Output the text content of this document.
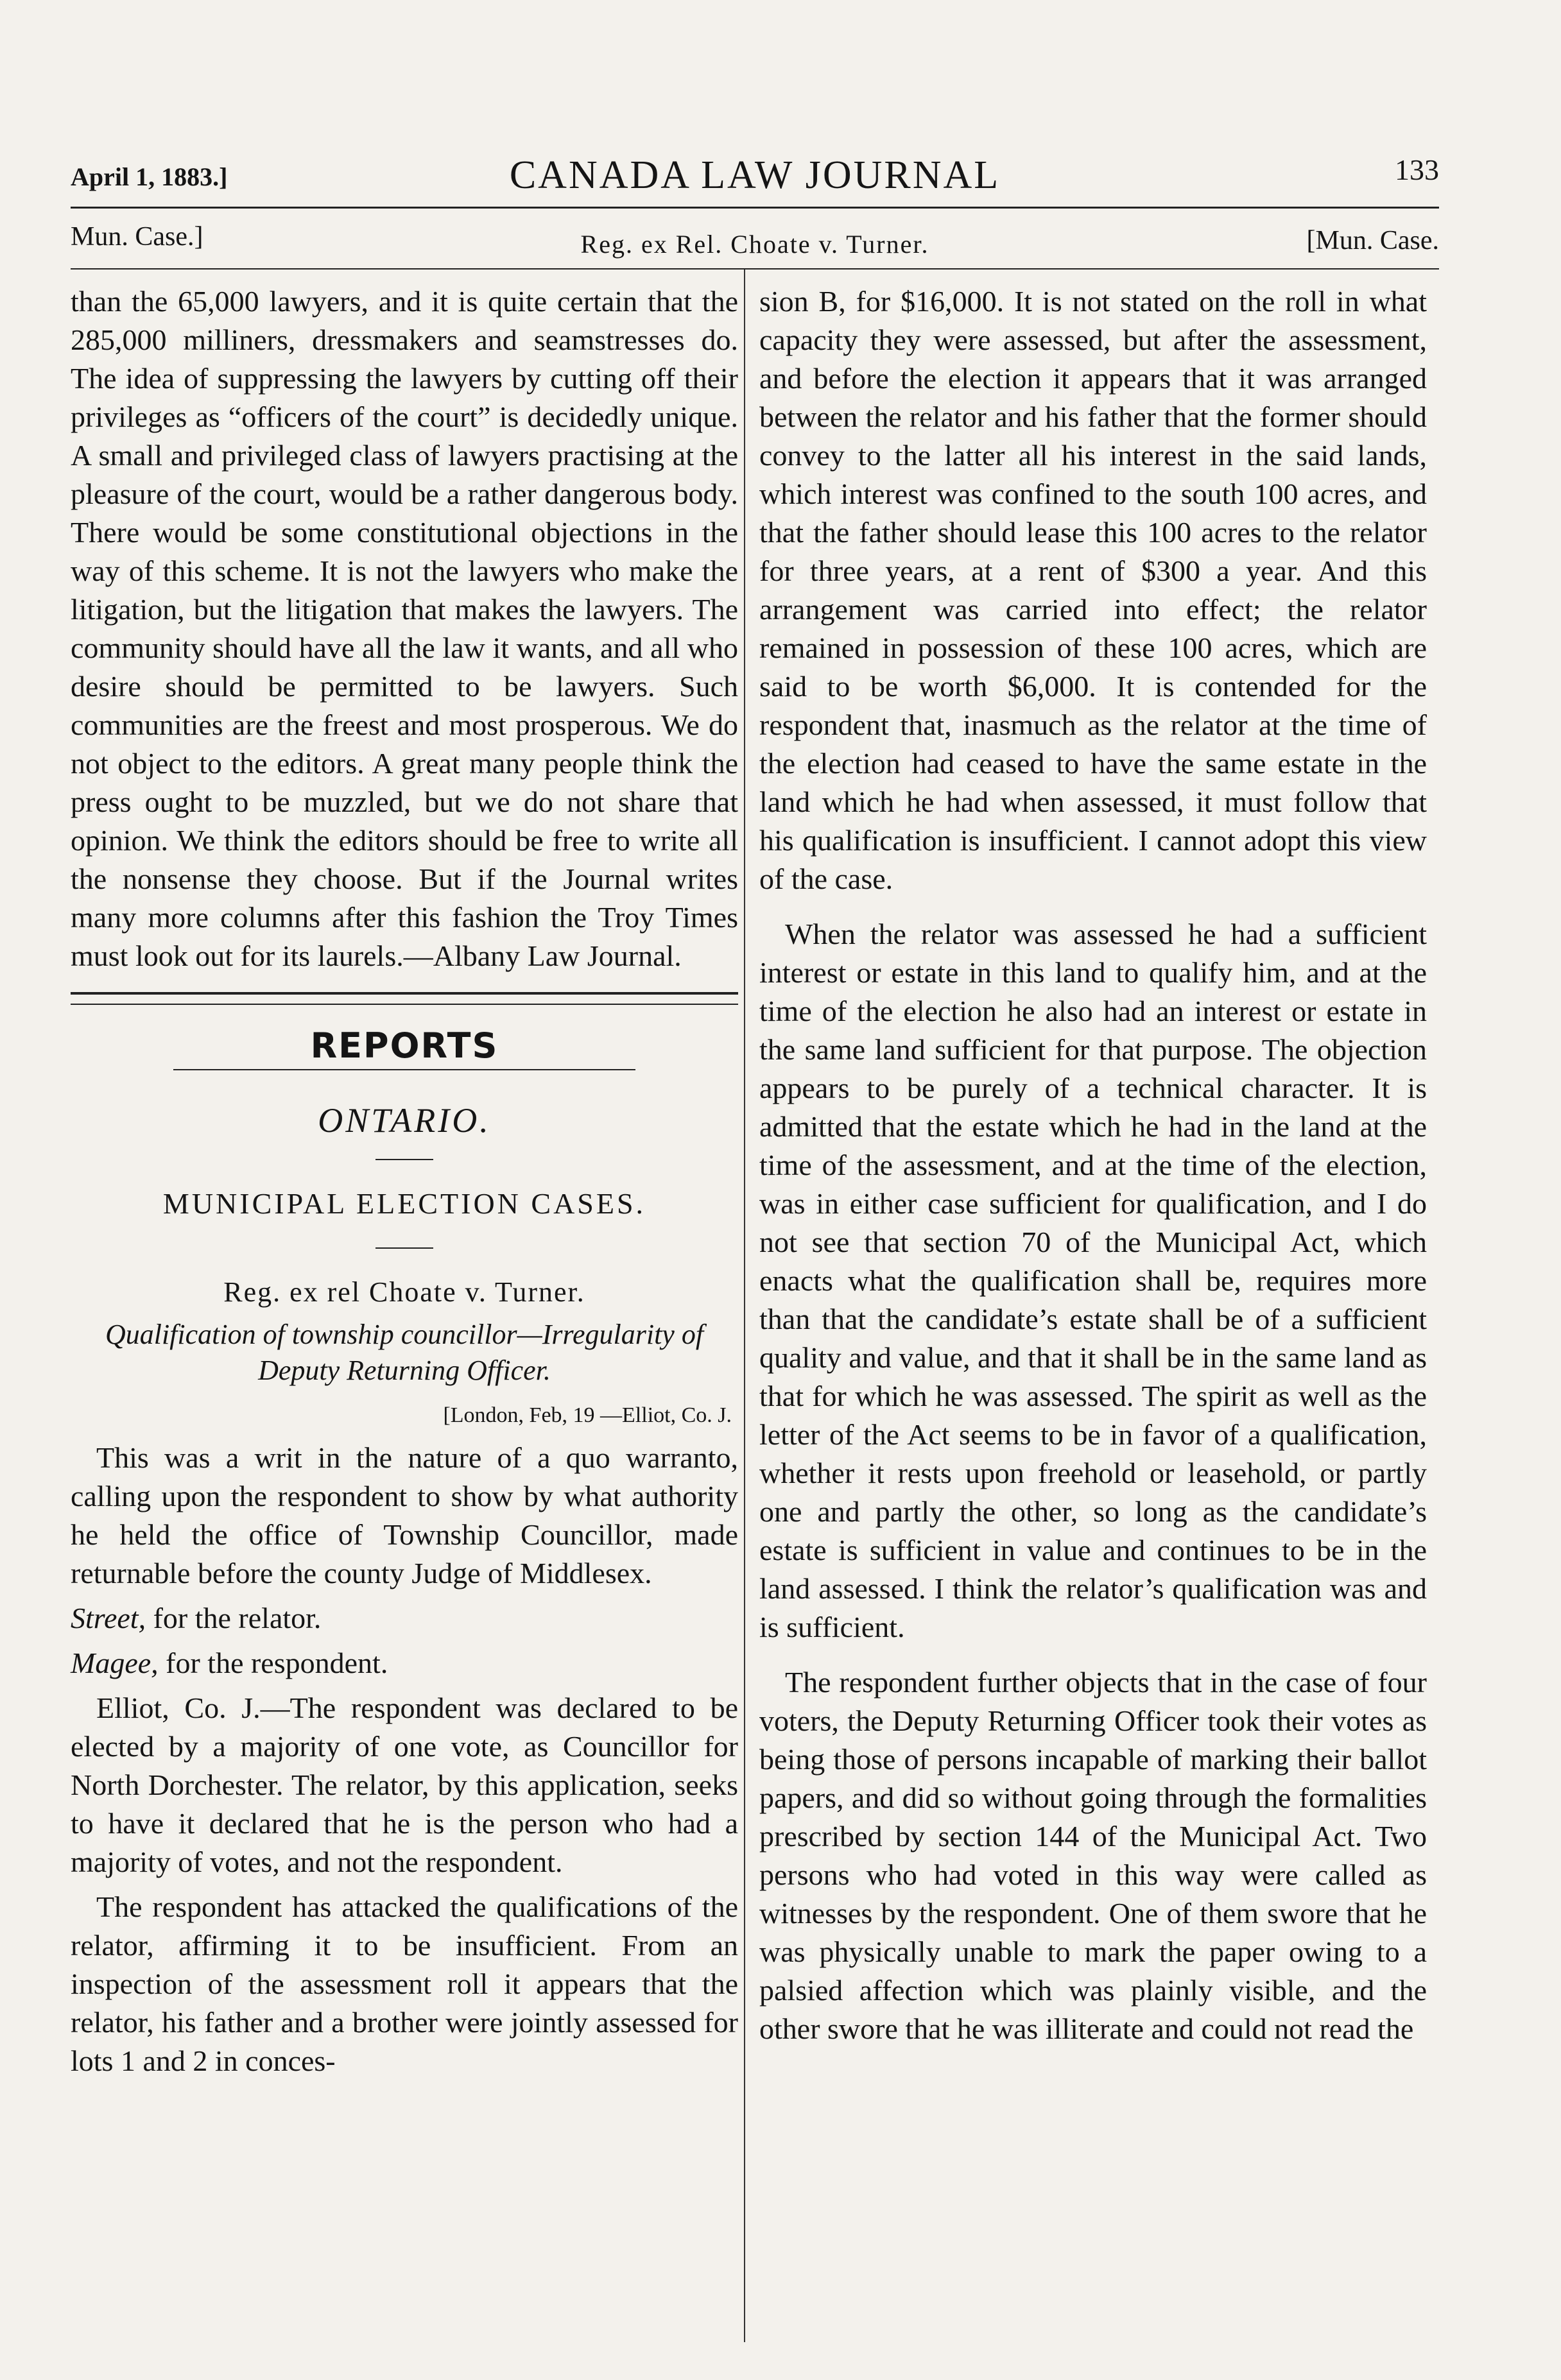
April 1, 1883.]	CANADA LAW JOURNAL	133
Mun. Case.]	Reg. ex Rel. Choate v. Turner.	[Mun. Case.

than the 65,000 lawyers, and it is quite certain that the 285,000 milliners, dressmakers and seamstresses do. The idea of suppressing the lawyers by cutting off their privileges as “officers of the court” is decidedly unique. A small and privileged class of lawyers practising at the pleasure of the court, would be a rather dangerous body. There would be some constitutional objections in the way of this scheme. It is not the lawyers who make the litigation, but the litigation that makes the lawyers. The community should have all the law it wants, and all who desire should be permitted to be lawyers. Such communities are the freest and most prosperous. We do not object to the editors. A great many people think the press ought to be muzzled, but we do not share that opinion. We think the editors should be free to write all the nonsense they choose. But if the Journal writes many more columns after this fashion the Troy Times must look out for its laurels.—Albany Law Journal.

REPORTS
ONTARIO.
MUNICIPAL ELECTION CASES.
Reg. ex rel Choate v. Turner.
Qualification of township councillor—Irregularity of Deputy Returning Officer.
[London, Feb, 19 —Elliot, Co. J.

This was a writ in the nature of a quo warranto, calling upon the respondent to show by what authority he held the office of Township Councillor, made returnable before the county Judge of Middlesex.

Street, for the relator.

Magee, for the respondent.

Elliot, Co. J.—The respondent was declared to be elected by a majority of one vote, as Councillor for North Dorchester. The relator, by this application, seeks to have it declared that he is the person who had a majority of votes, and not the respondent.

The respondent has attacked the qualifications of the relator, affirming it to be insufficient. From an inspection of the assessment roll it appears that the relator, his father and a brother were jointly assessed for lots 1 and 2 in conces-

sion B, for $16,000. It is not stated on the roll in what capacity they were assessed, but after the assessment, and before the election it appears that it was arranged between the relator and his father that the former should convey to the latter all his interest in the said lands, which interest was confined to the south 100 acres, and that the father should lease this 100 acres to the relator for three years, at a rent of $300 a year. And this arrangement was carried into effect; the relator remained in possession of these 100 acres, which are said to be worth $6,000. It is contended for the respondent that, inasmuch as the relator at the time of the election had ceased to have the same estate in the land which he had when assessed, it must follow that his qualification is insufficient. I cannot adopt this view of the case.

When the relator was assessed he had a sufficient interest or estate in this land to qualify him, and at the time of the election he also had an interest or estate in the same land sufficient for that purpose. The objection appears to be purely of a technical character. It is admitted that the estate which he had in the land at the time of the assessment, and at the time of the election, was in either case sufficient for qualification, and I do not see that section 70 of the Municipal Act, which enacts what the qualification shall be, requires more than that the candidate’s estate shall be of a sufficient quality and value, and that it shall be in the same land as that for which he was assessed. The spirit as well as the letter of the Act seems to be in favor of a qualification, whether it rests upon freehold or leasehold, or partly one and partly the other, so long as the candidate’s estate is sufficient in value and continues to be in the land assessed. I think the relator’s qualification was and is sufficient.

The respondent further objects that in the case of four voters, the Deputy Returning Officer took their votes as being those of persons incapable of marking their ballot papers, and did so without going through the formalities prescribed by section 144 of the Municipal Act. Two persons who had voted in this way were called as witnesses by the respondent. One of them swore that he was physically unable to mark the paper owing to a palsied affection which was plainly visible, and the other swore that he was illiterate and could not read the
